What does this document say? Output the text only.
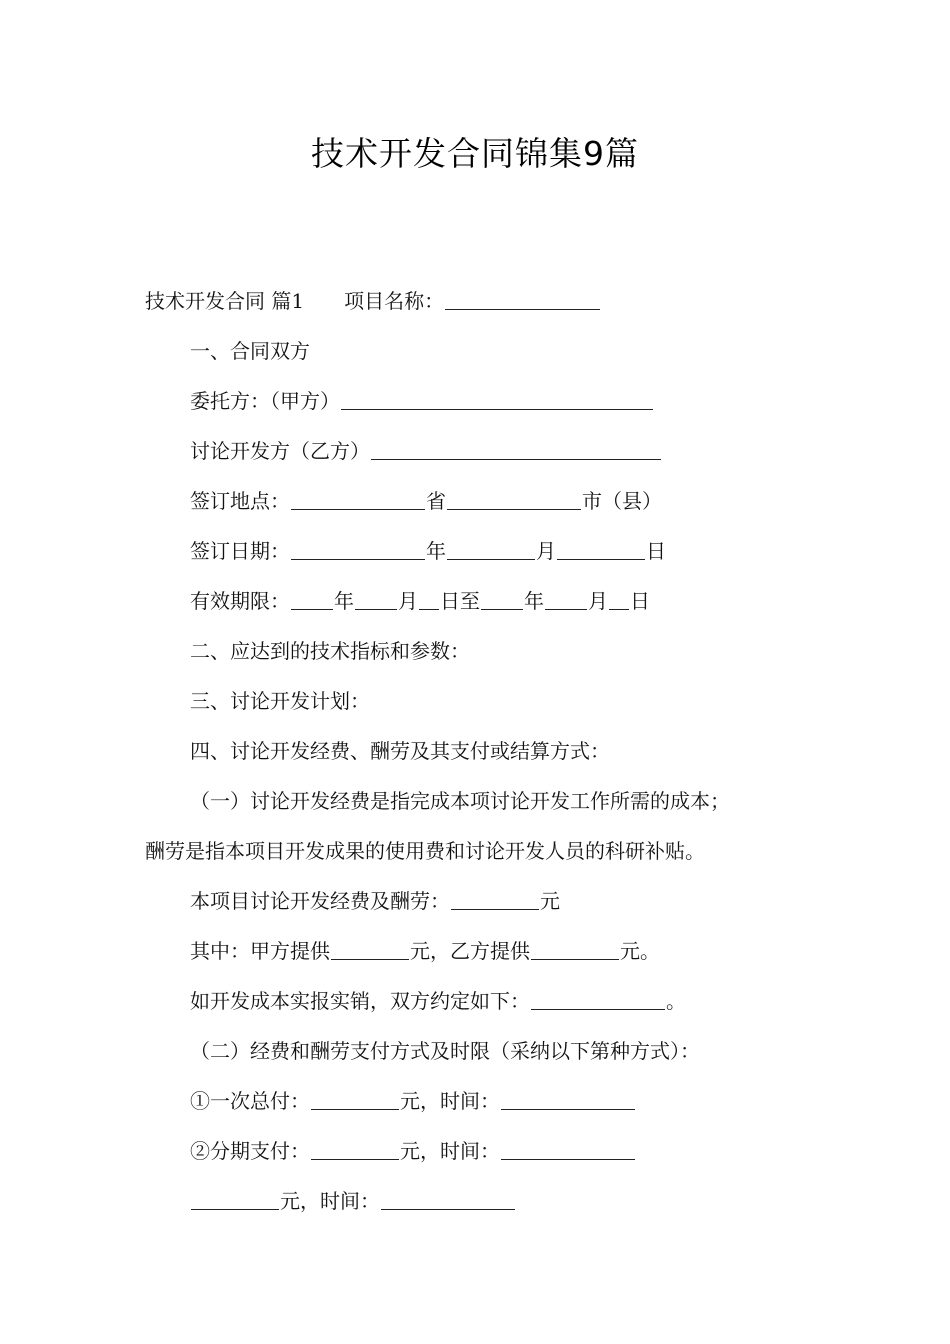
技术开发合同锦集9篇
技术开发合同 篇1 项目名称：
一、合同双方
委托方：（甲方）
讨论开发方（乙方）
签订地点：	省	市（县）
签订日期：	年	月	日
有效期限： 年 月 日至 年 月 日
二、应达到的技术指标和参数：
三、讨论开发计划：
四、讨论开发经费、酬劳及其支付或结算方式：
（一）讨论开发经费是指完成本项讨论开发工作所需的成本；
酬劳是指本项目开发成果的使用费和讨论开发人员的科研补贴。
本项目讨论开发经费及酬劳：	元
其中：甲方提供	元，乙方提供	元。
如开发成本实报实销，双方约定如下：	。
（二）经费和酬劳支付方式及时限（采纳以下第种方式）：
①一次总付：	元，时间：
②分期支付：	元，时间：
元，时间：
